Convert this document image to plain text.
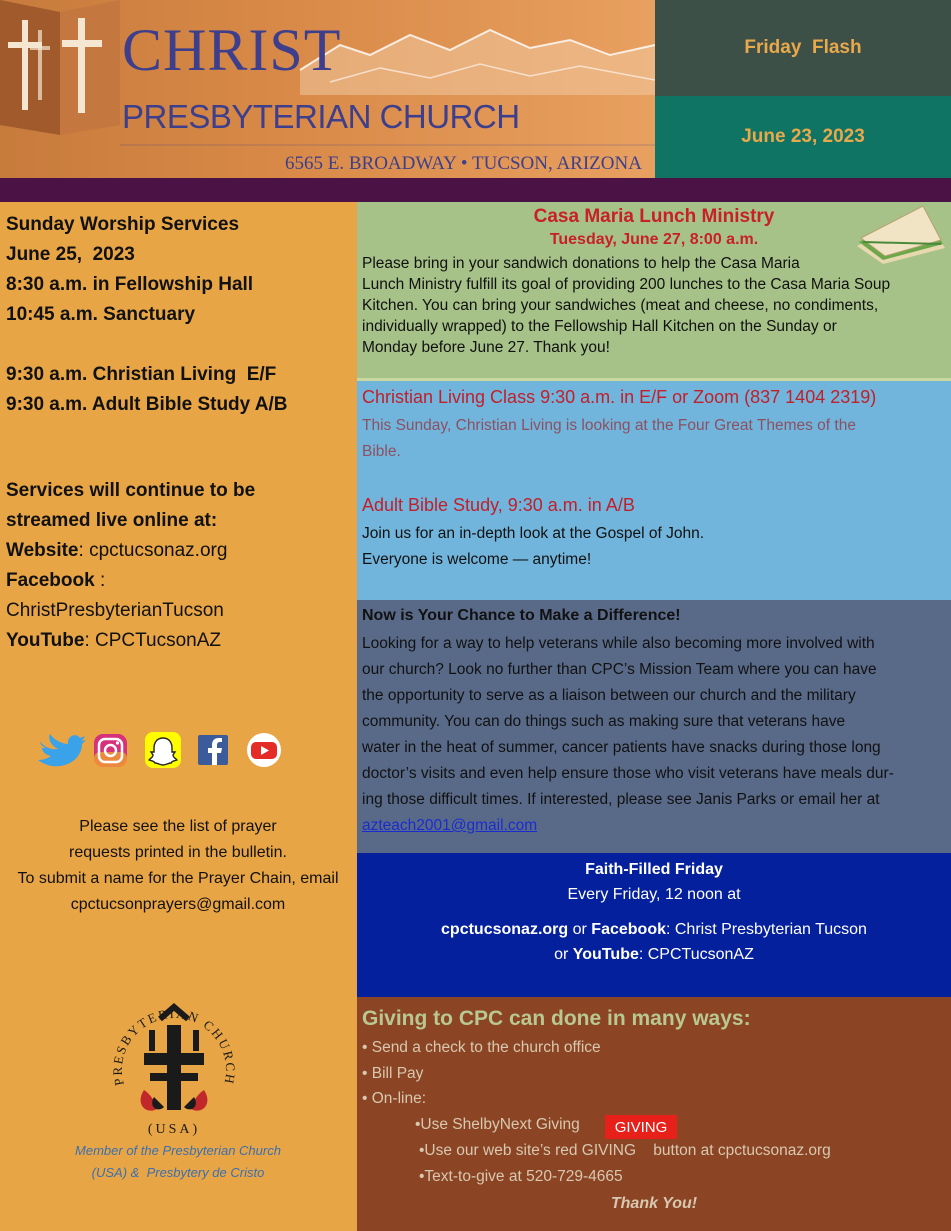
CHRIST
PRESBYTERIAN CHURCH
6565 E. BROADWAY • TUCSON, ARIZONA
Friday  Flash
June 23, 2023

Sunday Worship Services

June 25,  2023

8:30 a.m. in Fellowship Hall

10:45 a.m. Sanctuary

9:30 a.m. Christian Living  E/F

9:30 a.m. Adult Bible Study A/B

Services will continue to be

streamed live online at:

Website: cpctucsonaz.org

Facebook :

ChristPresbyterianTucson

YouTube: CPCTucsonAZ

Please see the list of prayer
requests printed in the bulletin.
To submit a name for the Prayer Chain, email
cpctucsonprayers@gmail.com
PRESBYTERIAN CHURCH
(USA)
Member of the Presbyterian Church
(USA) &  Presbytery de Cristo

Casa Maria Lunch Ministry

Tuesday, June 27, 8:00 a.m.

Please bring in your sandwich donations to help the Casa Maria
Lunch Ministry fulfill its goal of providing 200 lunches to the Casa Maria Soup
Kitchen. You can bring your sandwiches (meat and cheese, no condiments,
individually wrapped) to the Fellowship Hall Kitchen on the Sunday or
Monday before June 27. Thank you!

Christian Living Class 9:30 a.m. in E/F or Zoom (837 1404 2319)

This Sunday, Christian Living is looking at the Four Great Themes of the
Bible.

Adult Bible Study, 9:30 a.m. in A/B

Join us for an in-depth look at the Gospel of John.
Everyone is welcome — anytime!

Now is Your Chance to Make a Difference!

Looking for a way to help veterans while also becoming more involved with
our church? Look no further than CPC’s Mission Team where you can have
the opportunity to serve as a liaison between our church and the military
community. You can do things such as making sure that veterans have
water in the heat of summer, cancer patients have snacks during those long
doctor’s visits and even help ensure those who visit veterans have meals dur-
ing those difficult times. If interested, please see Janis Parks or email her at
azteach2001@gmail.com

Faith-Filled Friday

Every Friday, 12 noon at

cpctucsonaz.org or Facebook: Christ Presbyterian Tucson

or YouTube: CPCTucsonAZ

Giving to CPC can done in many ways:

• Send a check to the church office

• Bill Pay

• On-line:

•Use ShelbyNext Giving	GIVING

•Use our web site’s red GIVING    button at cpctucsonaz.org

•Text-to-give at 520-729-4665

Thank You!
